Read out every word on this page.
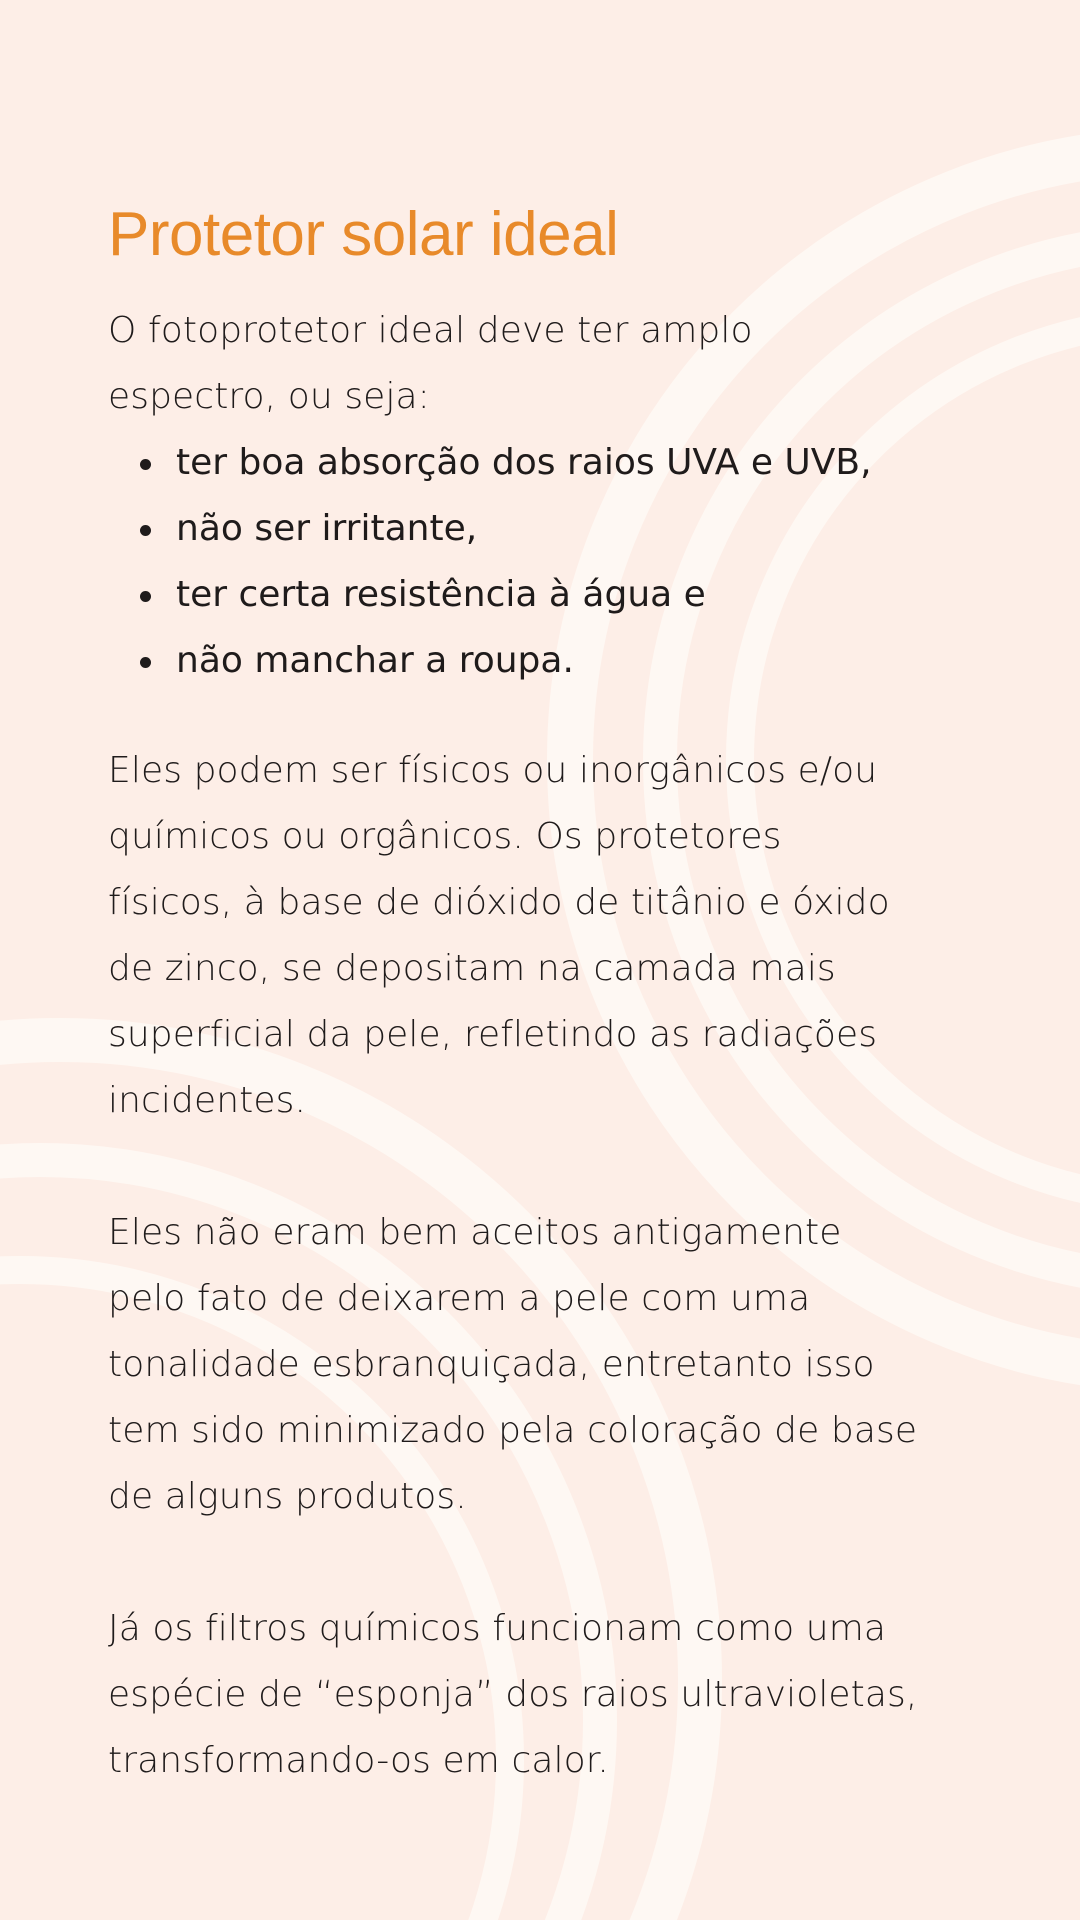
Protetor solar ideal

O fotoprotetor ideal deve ter amplo
espectro, ou seja:

ter boa absorção dos raios UVA e UVB,
não ser irritante,
ter certa resistência à água e
não manchar a roupa.

Eles podem ser físicos ou inorgânicos e/ou
químicos ou orgânicos. Os protetores
físicos, à base de dióxido de titânio e óxido
de zinco, se depositam na camada mais
superficial da pele, refletindo as radiações
incidentes.

Eles não eram bem aceitos antigamente
pelo fato de deixarem a pele com uma
tonalidade esbranquiçada, entretanto isso
tem sido minimizado pela coloração de base
de alguns produtos.

Já os filtros químicos funcionam como uma
espécie de “esponja” dos raios ultravioletas,
transformando-os em calor.
